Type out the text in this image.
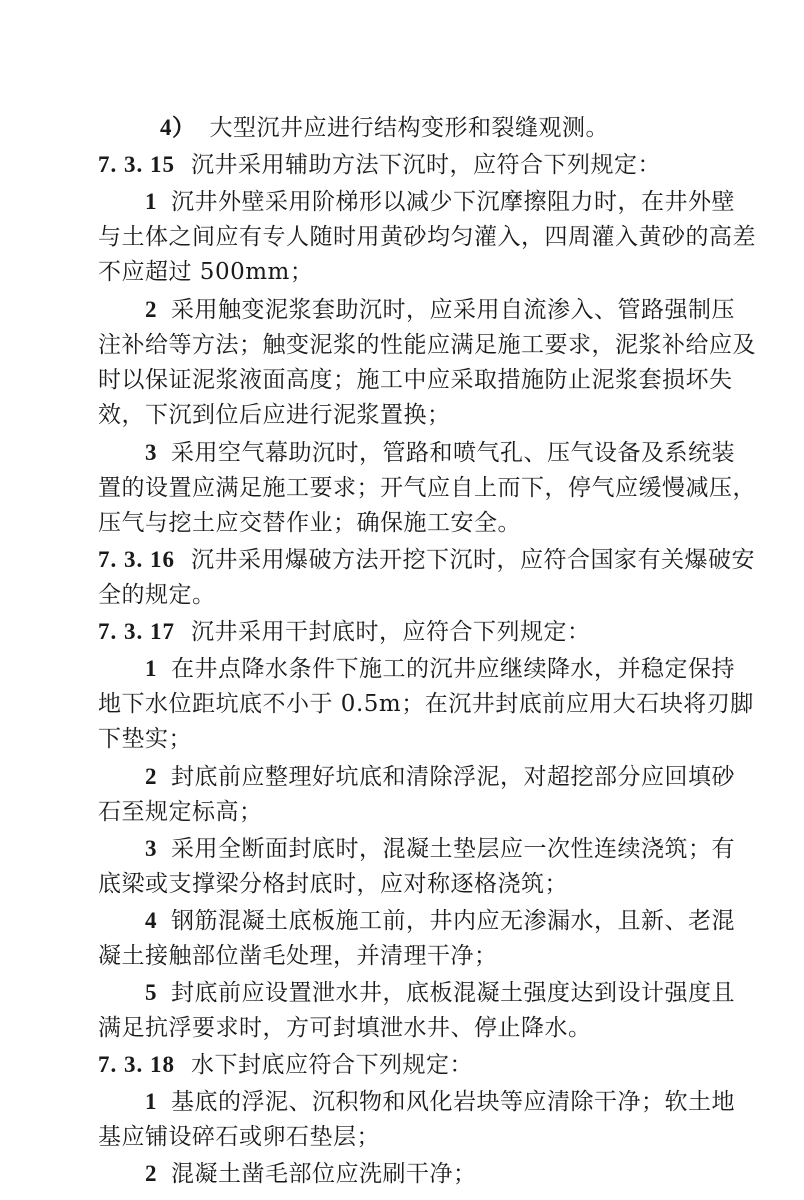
4） 大型沉井应进行结构变形和裂缝观测。
7. 3. 15 沉井采用辅助方法下沉时，应符合下列规定：
1 沉井外壁采用阶梯形以减少下沉摩擦阻力时，在井外壁
与土体之间应有专人随时用黄砂均匀灌入，四周灌入黄砂的高差
不应超过 500mm；
2 采用触变泥浆套助沉时，应采用自流渗入、管路强制压
注补给等方法；触变泥浆的性能应满足施工要求，泥浆补给应及
时以保证泥浆液面高度；施工中应采取措施防止泥浆套损坏失
效，下沉到位后应进行泥浆置换；
3 采用空气幕助沉时，管路和喷气孔、压气设备及系统装
置的设置应满足施工要求；开气应自上而下，停气应缓慢减压，
压气与挖土应交替作业；确保施工安全。
7. 3. 16 沉井采用爆破方法开挖下沉时，应符合国家有关爆破安
全的规定。
7. 3. 17 沉井采用干封底时，应符合下列规定：
1 在井点降水条件下施工的沉井应继续降水，并稳定保持
地下水位距坑底不小于 0.5m；在沉井封底前应用大石块将刃脚
下垫实；
2 封底前应整理好坑底和清除浮泥，对超挖部分应回填砂
石至规定标高；
3 采用全断面封底时，混凝土垫层应一次性连续浇筑；有
底梁或支撑梁分格封底时，应对称逐格浇筑；
4 钢筋混凝土底板施工前，井内应无渗漏水，且新、老混
凝土接触部位凿毛处理，并清理干净；
5 封底前应设置泄水井，底板混凝土强度达到设计强度且
满足抗浮要求时，方可封填泄水井、停止降水。
7. 3. 18 水下封底应符合下列规定：
1 基底的浮泥、沉积物和风化岩块等应清除干净；软土地
基应铺设碎石或卵石垫层；
2 混凝土凿毛部位应洗刷干净；
